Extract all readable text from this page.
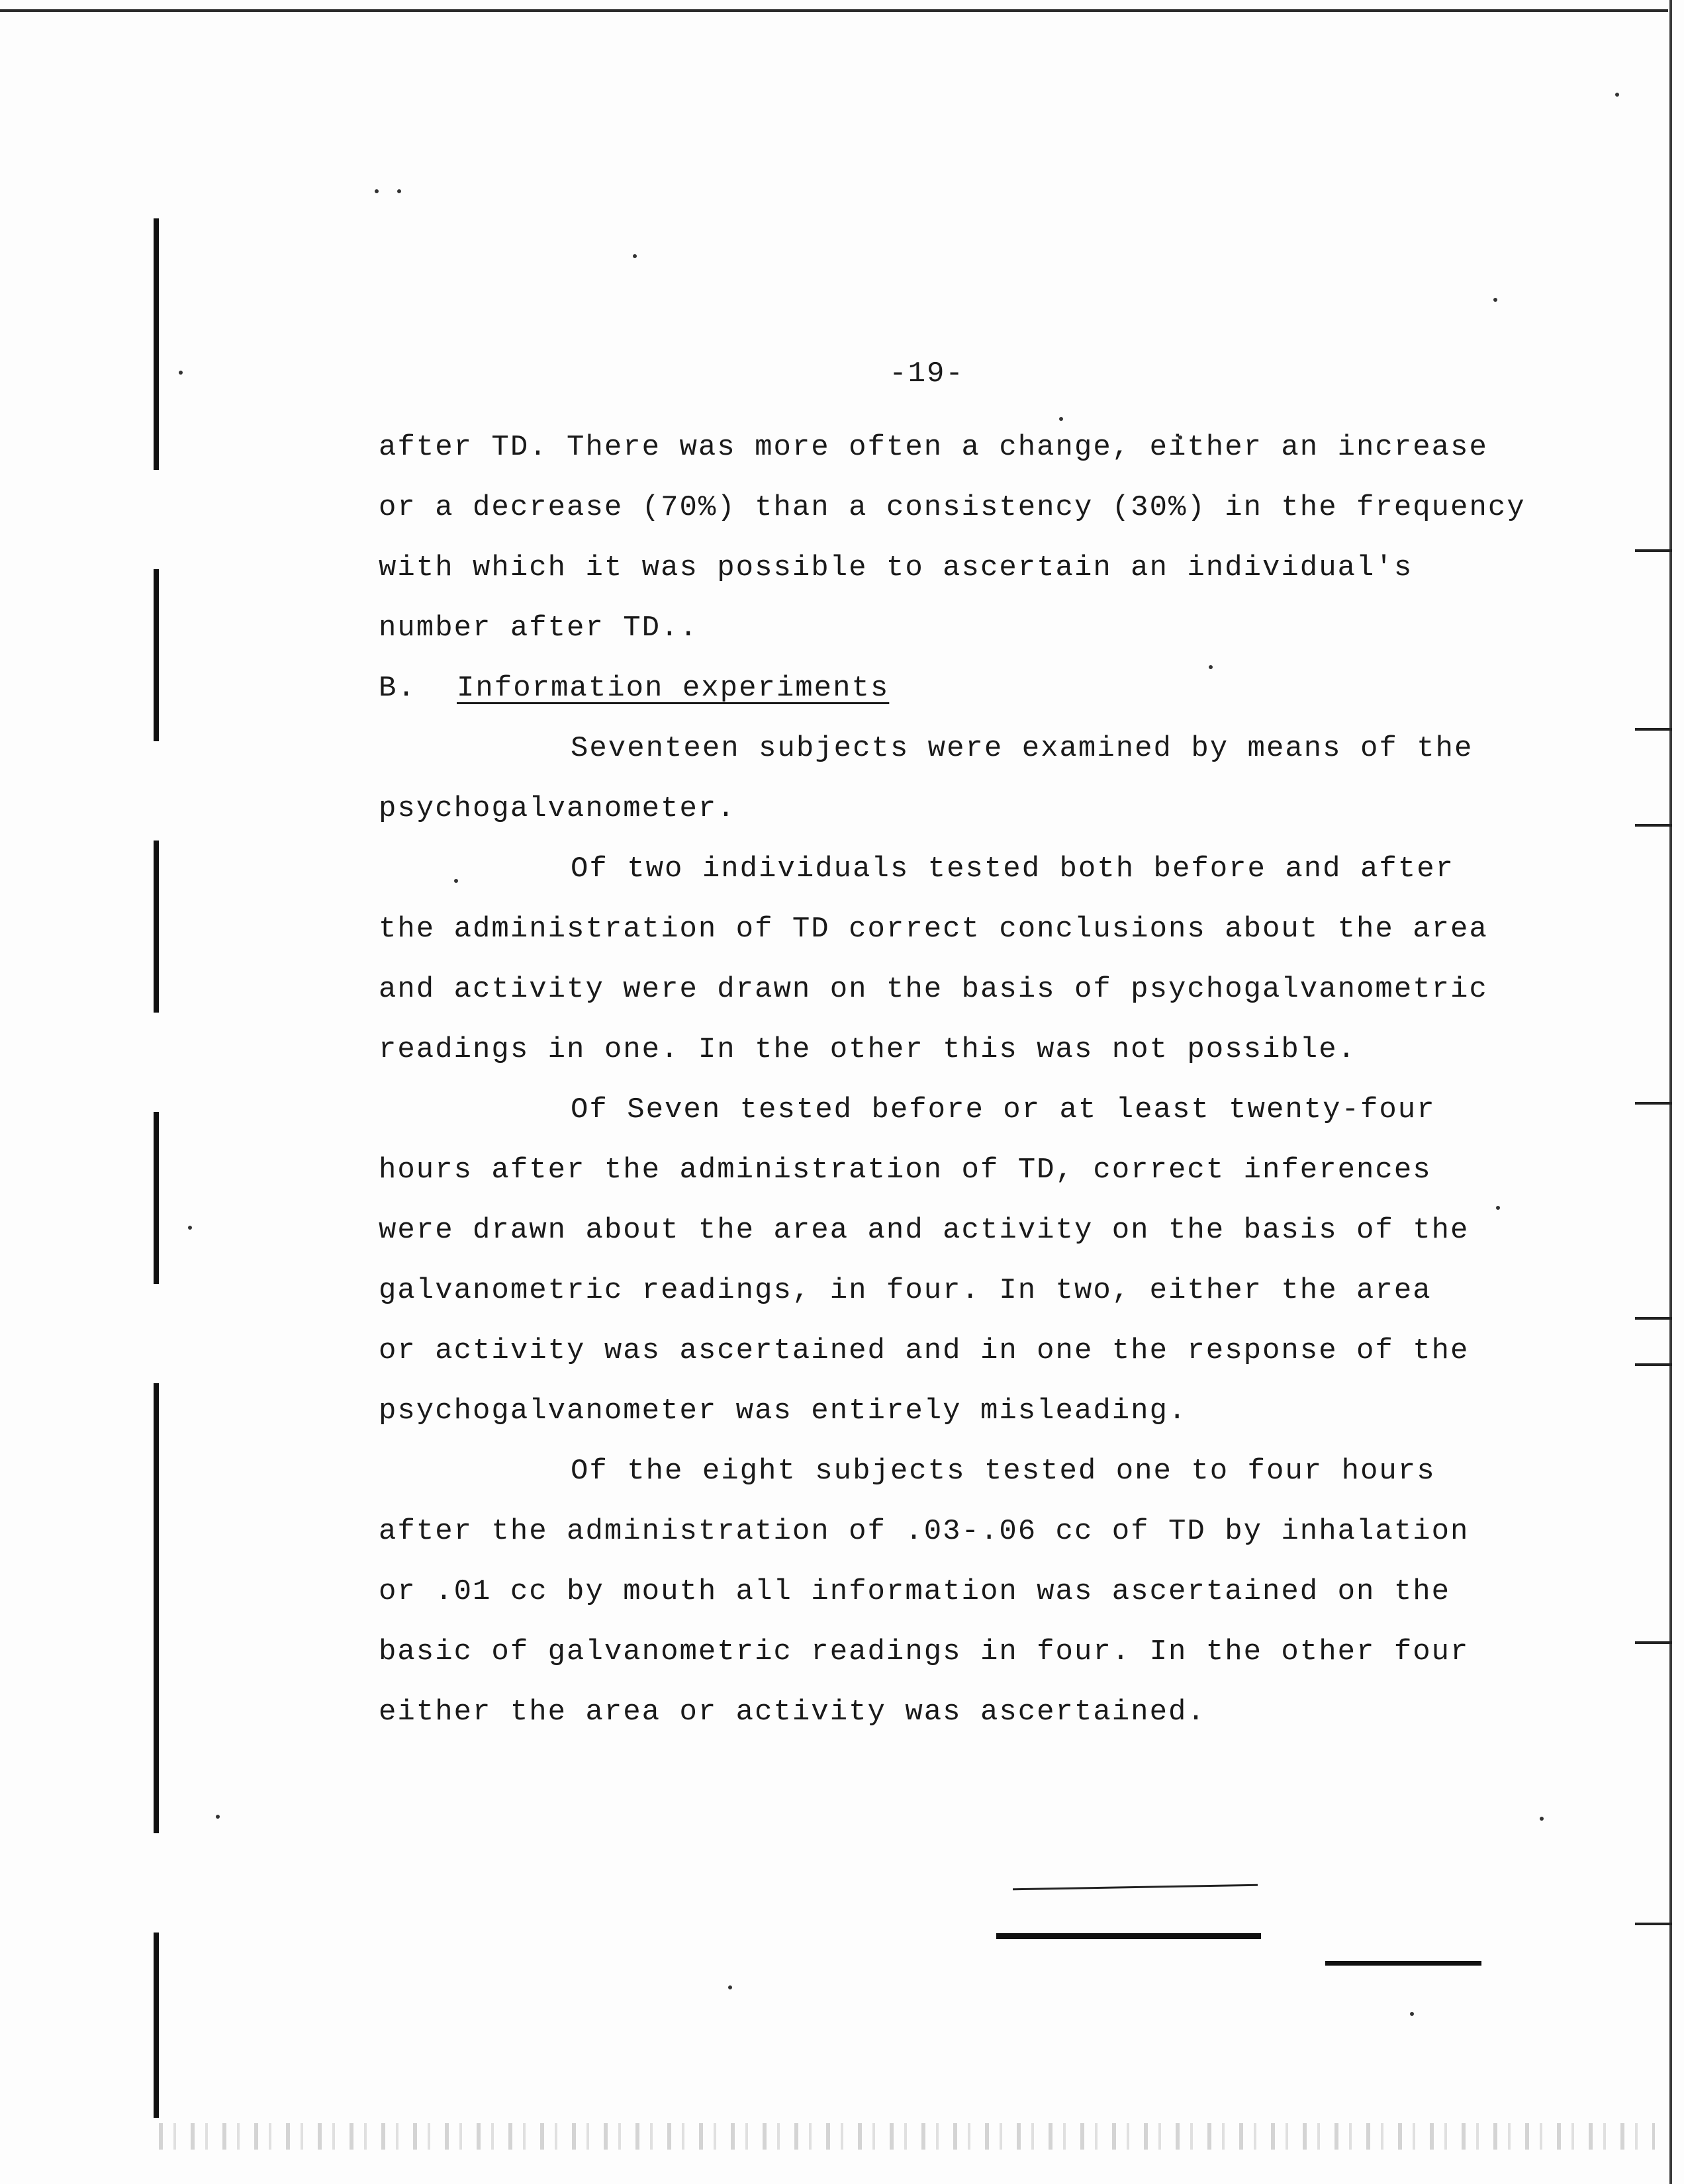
-19-
after TD. There was more often a change, either an increase
or a decrease (70%) than a consistency (30%) in the frequency
with which it was possible to ascertain an individual's
number after TD..
B. Information experiments
Seventeen subjects were examined by means of the
psychogalvanometer.
Of two individuals tested both before and after
the administration of TD correct conclusions about the area
and activity were drawn on the basis of psychogalvanometric
readings in one. In the other this was not possible.
Of Seven tested before or at least twenty-four
hours after the administration of TD, correct inferences
were drawn about the area and activity on the basis of the
galvanometric readings, in four. In two, either the area
or activity was ascertained and in one the response of the
psychogalvanometer was entirely misleading.
Of the eight subjects tested one to four hours
after the administration of .03-.06 cc of TD by inhalation
or .01 cc by mouth all information was ascertained on the
basic of galvanometric readings in four. In the other four
either the area or activity was ascertained.
